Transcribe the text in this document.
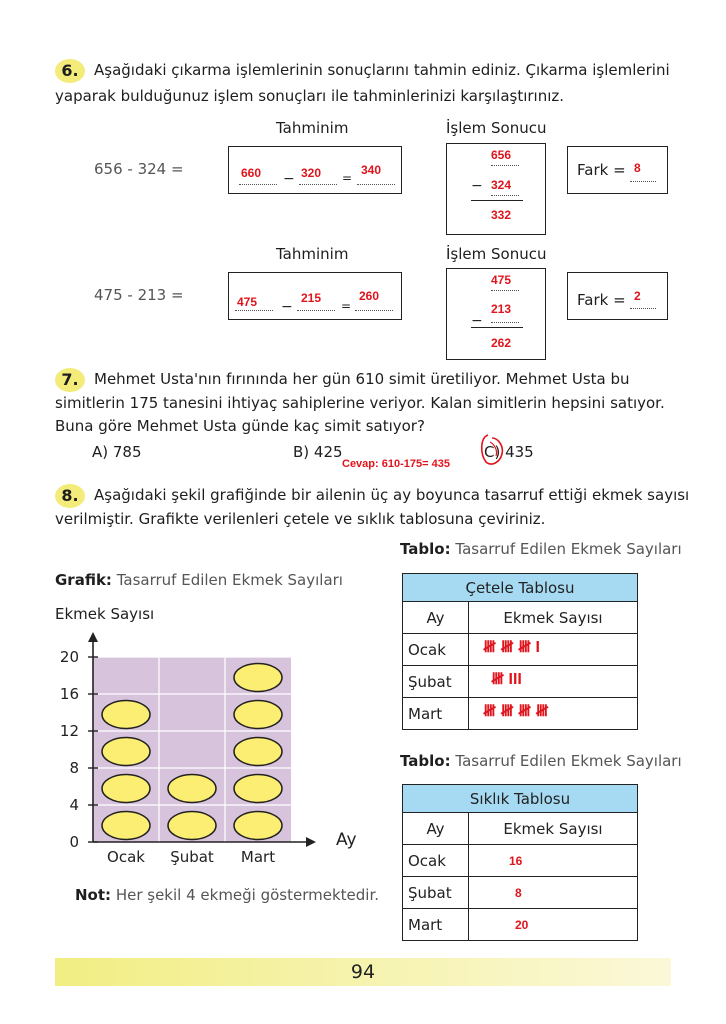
6.	Aşağıdaki çıkarma işlemlerinin sonuçlarını tahmin ediniz. Çıkarma işlemlerini
yaparak bulduğunuz işlem sonuçları ile tahminlerinizi karşılaştırınız.
Tahminim	İşlem Sonucu
656 - 324 =	660 − 320 =
340
656
− 324
332
Fark = 8
Tahminim	İşlem Sonucu
475 - 213 =	475 −
215
=
260
475
−
213
262
Fark = 2
7.	Mehmet Usta'nın fırınında her gün 610 simit üretiliyor. Mehmet Usta bu
simitlerin 175 tanesini ihtiyaç sahiplerine veriyor. Kalan simitlerin hepsini satıyor.
Buna göre Mehmet Usta günde kaç simit satıyor?
A) 785	B) 425	C) 435
Cevap: 610-175= 435
8.	Aşağıdaki şekil grafiğinde bir ailenin üç ay boyunca tasarruf ettiği ekmek sayısı
verilmiştir. Grafikte verilenleri çetele ve sıklık tablosuna çeviriniz.
Grafik: Tasarruf Edilen Ekmek Sayıları
Ekmek Sayısı
Ay
0
4
8
12
16
20
Ocak Şubat Mart
Not: Her şekil 4 ekmeği göstermektedir.
Tablo: Tasarruf Edilen Ekmek Sayıları
Çetele Tablosu	
Ay	Ekmek Sayısı
Ocak	𝍸 𝍸 𝍸 I
Şubat	𝍸 III
Mart	𝍸 𝍸 𝍸 𝍸
Tablo: Tasarruf Edilen Ekmek Sayıları
Sıklık Tablosu	
Ay	Ekmek Sayısı
Ocak	16
Şubat	8
Mart	20
94
